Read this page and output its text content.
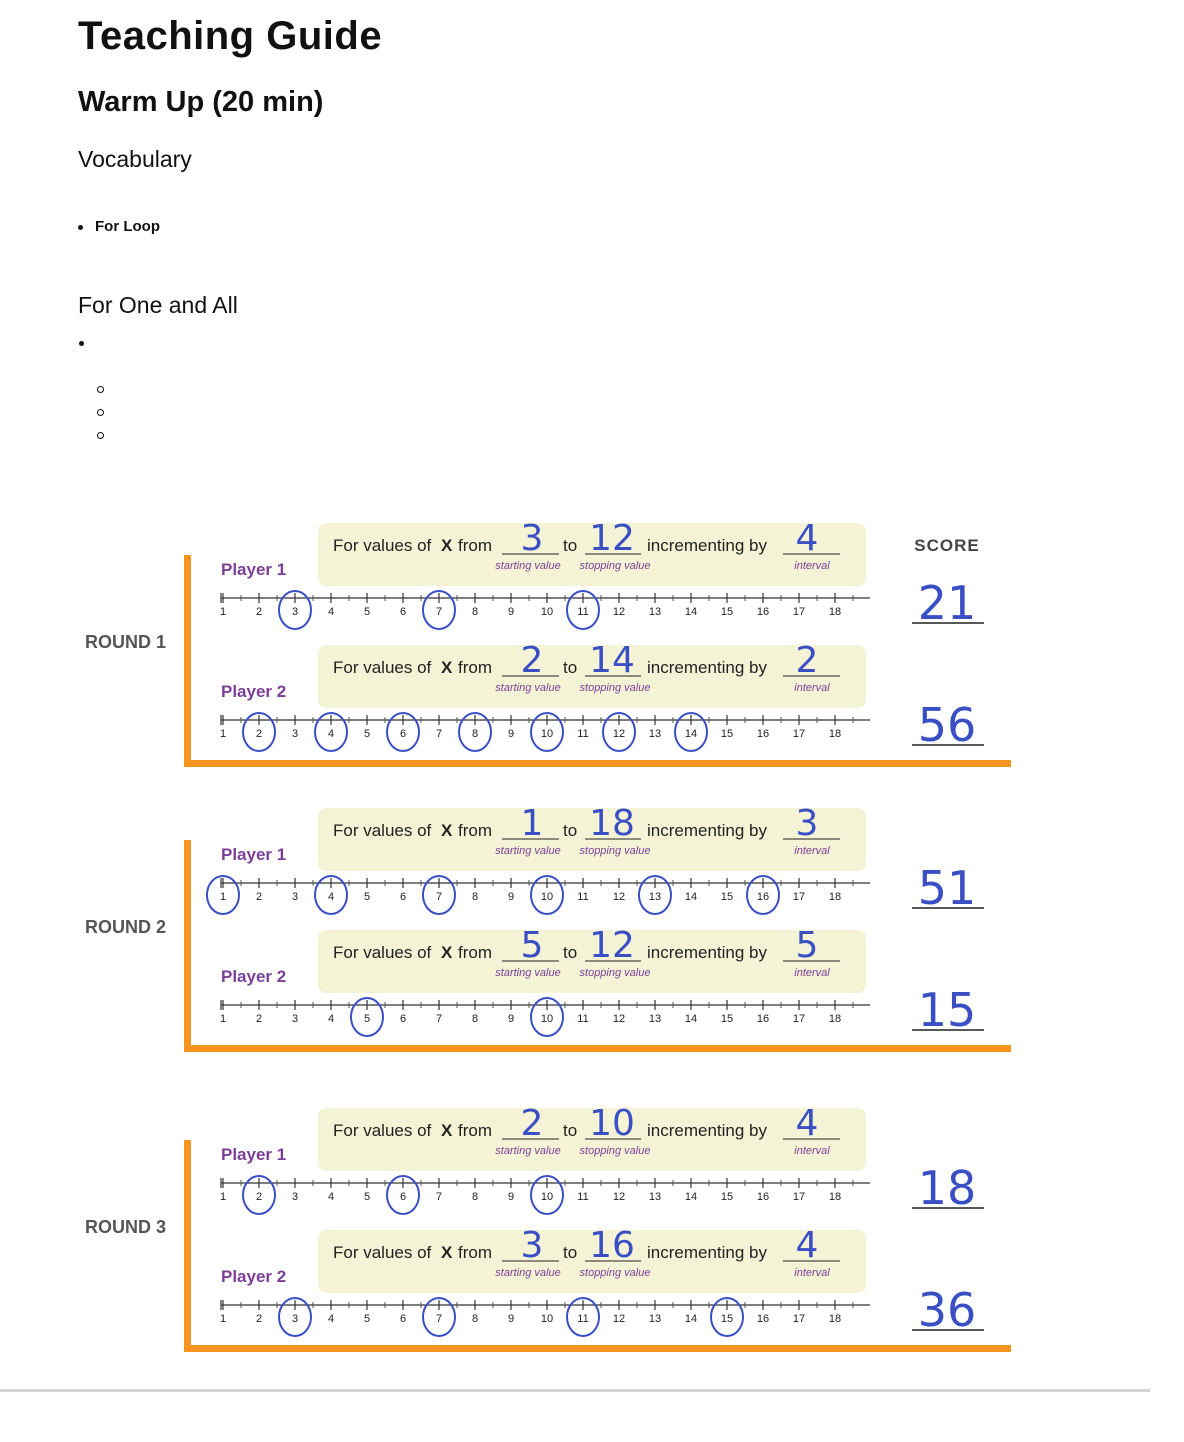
Teaching Guide
Warm Up (20 min)
Vocabulary
For Loop
For One and All
SCORE
ROUND 1
Player 1
For values of X from	to	incrementing by
starting value stopping value	interval
3 12	4
1	2	3	4	5	6	7	8	9 10 11 12 13 14 15 16 17 18 21
Player 2
For values of X from	to	incrementing by
starting value stopping value	interval
2 14	2
1	2	3	4	5	6	7	8	9 10 11 12 13 14 15 16 17 18 56
ROUND 2
Player 1
For values of X from	to	incrementing by
starting value stopping value	interval
1 18	3
1	2	3	4	5	6	7	8	9 10 11 12 13 14 15 16 17 18 51
Player 2
For values of X from	to	incrementing by
starting value stopping value	interval
5 12	5
1	2	3	4	5	6	7	8	9 10 11 12 13 14 15 16 17 18 15
ROUND 3
Player 1
For values of X from	to	incrementing by
starting value stopping value	interval
2 10	4
1	2	3	4	5	6	7	8	9 10 11 12 13 14 15 16 17 18 18
Player 2
For values of X from	to	incrementing by
starting value stopping value	interval
3 16	4
1	2	3	4	5	6	7	8	9 10 11 12 13 14 15 16 17 18 36
